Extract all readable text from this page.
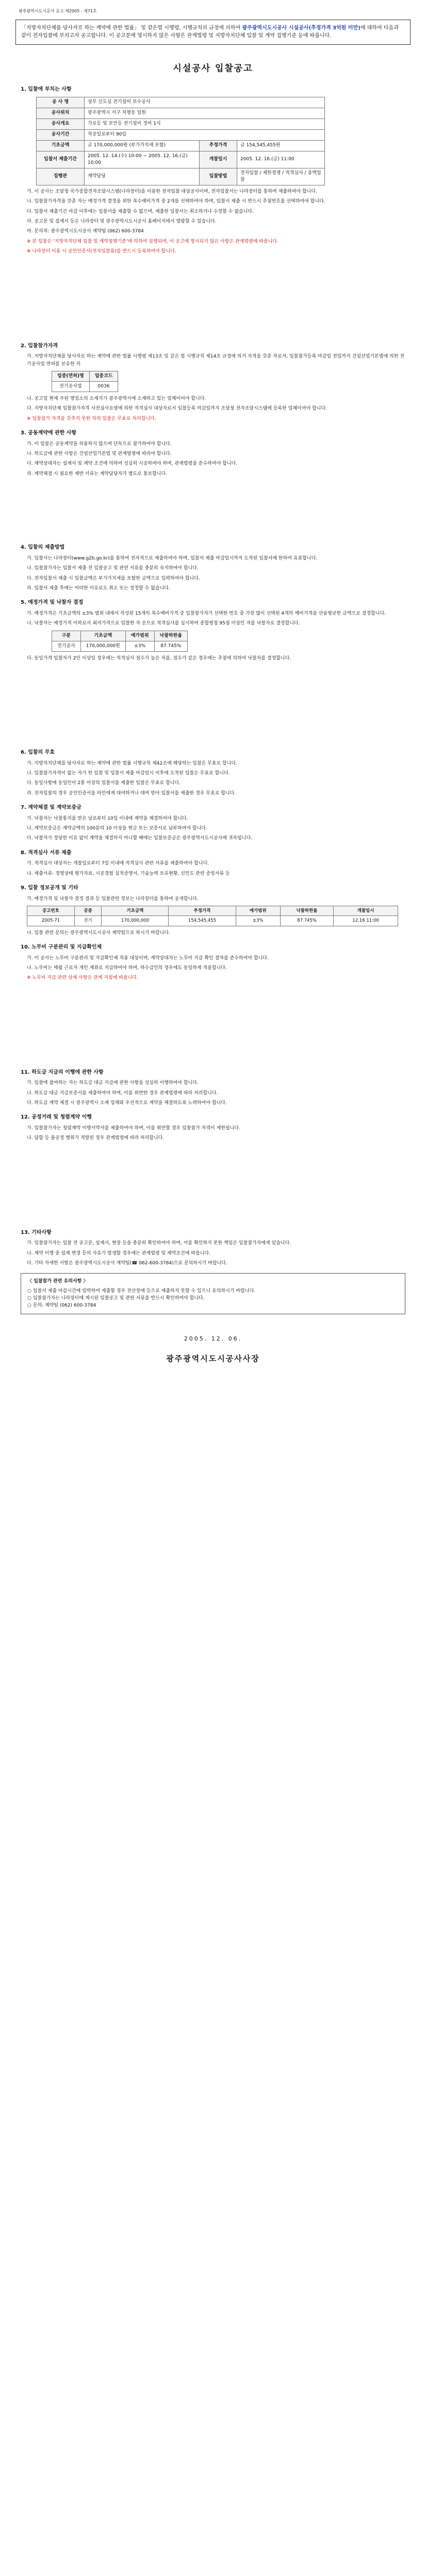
광주광역시도시공사 공고 제2005 - 제71호
「지방자치단체를 당사자로 하는 계약에 관한 법률」 및 같은법 시행령, 시행규칙의 규정에 의하여 광주광역시도시공사 시설공사(추정가격 3억원 미만)에 대하여 다음과 같이 전자입찰에 부치고자 공고합니다. 이 공고문에 명시하지 않은 사항은 관계법령 및 지방자치단체 입찰 및 계약 집행기준 등에 따릅니다.
시설공사 입찰공고
1. 입찰에 부치는 사항
공 사 명	상무 신도심 전기설비 보수공사		
공사위치	광주광역시 서구 치평동 일원		
공사개요	가로등 및 보안등 전기설비 정비 1식		
공사기간	착공일로부터 90일		
기초금액	금 170,000,000원 (부가가치세 포함)	추정가격	금 154,545,455원
입찰서 제출기간	2005. 12. 14.(수) 10:00 ~ 2005. 12. 16.(금) 10:00	개찰일시	2005. 12. 16.(금) 11:00
집행관	계약담당	입찰방법	전자입찰 / 제한경쟁 / 적격심사 / 총액입찰
가. 이 공사는 조달청 국가종합전자조달시스템(나라장터)을 이용한 전자입찰 대상공사이며, 전자입찰서는 나라장터를 통하여 제출하여야 합니다.
나. 입찰참가자격을 갖춘 자는 예정가격 결정을 위한 복수예비가격 중 2개를 선택하여야 하며, 입찰서 제출 시 반드시 추첨번호를 선택하여야 합니다.
다. 입찰서 제출기간 마감 이후에는 입찰서를 제출할 수 없으며, 제출한 입찰서는 취소하거나 수정할 수 없습니다.
라. 공고문 및 설계서 등은 나라장터 및 광주광역시도시공사 홈페이지에서 열람할 수 있습니다.
마. 문의처: 광주광역시도시공사 계약팀 (062) 600-3784
※ 본 입찰은 ‘지방자치단체 입찰 및 계약집행기준’에 의하여 집행되며, 이 공고에 명시되지 않은 사항은 관계법령에 따릅니다.
※ 나라장터 이용 시 공인인증서(전자입찰용)를 반드시 등록하여야 합니다.
2. 입찰참가자격
가. 지방자치단체를 당사자로 하는 계약에 관한 법률 시행령 제13조 및 같은 법 시행규칙 제14조 규정에 의거 자격을 갖춘 자로서, 입찰참가등록 마감일 전일까지 건설산업기본법에 의한 전기공사업 면허를 보유한 자
업종(면허)명	업종코드
전기공사업	0036
나. 공고일 현재 주된 영업소의 소재지가 광주광역시에 소재하고 있는 업체이어야 합니다.
다. 지방자치단체 입찰참가자격 사전심사요령에 의한 적격심사 대상자로서 입찰등록 마감일까지 조달청 전자조달시스템에 등록한 업체이어야 합니다.
※ 입찰참가 자격을 갖추지 못한 자의 입찰은 무효로 처리합니다.
3. 공동계약에 관한 사항
가. 이 입찰은 공동계약을 허용하지 않으며 단독으로 참가하여야 합니다.
나. 하도급에 관한 사항은 건설산업기본법 및 관계법령에 따라야 합니다.
다. 계약상대자는 설계서 및 계약 조건에 의하여 성실히 시공하여야 하며, 관계법령을 준수하여야 합니다.
라. 계약체결 시 필요한 제반 서류는 계약담당자가 별도로 통보합니다.
4. 입찰의 제출방법
가. 입찰서는 나라장터(www.g2b.go.kr)를 통하여 전자적으로 제출하여야 하며, 입찰서 제출 마감일시까지 도착된 입찰서에 한하여 유효합니다.
나. 입찰참가자는 입찰서 제출 전 입찰공고 및 관련 서류를 충분히 숙지하여야 합니다.
다. 전자입찰서 제출 시 입찰금액은 부가가치세를 포함한 금액으로 입력하여야 합니다.
라. 입찰서 제출 후에는 어떠한 이유로도 취소 또는 정정할 수 없습니다.
5. 예정가격 및 낙찰자 결정
가. 예정가격은 기초금액의 ±3% 범위 내에서 작성된 15개의 복수예비가격 중 입찰참가자가 선택한 번호 중 가장 많이 선택된 4개의 예비가격을 산술평균한 금액으로 결정합니다.
나. 낙찰자는 예정가격 이하로서 최저가격으로 입찰한 자 순으로 적격심사를 실시하여 종합평점 95점 이상인 자를 낙찰자로 결정합니다.
구분	기초금액	예가범위	낙찰하한율
전기공사	170,000,000원	±3%	87.745%
다. 동일가격 입찰자가 2인 이상일 경우에는 적격심사 점수가 높은 자를, 점수가 같은 경우에는 추첨에 의하여 낙찰자를 결정합니다.
6. 입찰의 무효
가. 지방자치단체를 당사자로 하는 계약에 관한 법률 시행규칙 제42조에 해당하는 입찰은 무효로 합니다.
나. 입찰참가자격이 없는 자가 한 입찰 및 입찰서 제출 마감일시 이후에 도착된 입찰은 무효로 합니다.
다. 동일사항에 동일인이 2통 이상의 입찰서를 제출한 입찰은 무효로 합니다.
라. 전자입찰의 경우 공인인증서를 타인에게 대여하거나 대여 받아 입찰서를 제출한 경우 무효로 합니다.
7. 계약체결 및 계약보증금
가. 낙찰자는 낙찰통지를 받은 날로부터 10일 이내에 계약을 체결하여야 합니다.
나. 계약보증금은 계약금액의 100분의 10 이상을 현금 또는 보증서로 납부하여야 합니다.
다. 낙찰자가 정당한 이유 없이 계약을 체결하지 아니할 때에는 입찰보증금은 광주광역시도시공사에 귀속됩니다.
8. 적격심사 서류 제출
가. 적격심사 대상자는 개찰일로부터 7일 이내에 적격심사 관련 서류를 제출하여야 합니다.
나. 제출서류: 경영상태 평가자료, 시공경험 실적증명서, 기술능력 보유현황, 신인도 관련 증빙서류 등
9. 입찰 정보공개 및 기타
가. 예정가격 및 낙찰자 결정 결과 등 입찰관련 정보는 나라장터를 통하여 공개합니다.
공고번호	공종	기초금액	추정가격	예가범위	낙찰하한율	개찰일시
2005-71	전기	170,000,000	154,545,455	±3%	87.745%	12.16 11:00
나. 입찰 관련 문의는 광주광역시도시공사 계약팀으로 하시기 바랍니다.
10. 노무비 구분관리 및 지급확인제
가. 이 공사는 노무비 구분관리 및 지급확인제 적용 대상이며, 계약상대자는 노무비 지급 확인 절차를 준수하여야 합니다.
나. 노무비는 매월 근로자 개인 계좌로 지급하여야 하며, 하수급인의 경우에도 동일하게 적용합니다.
※ 노무비 지급 관련 상세 사항은 관계 지침에 따릅니다.
11. 하도급 지급의 이행에 관한 사항
가. 입찰에 참여하는 자는 하도급 대금 지급에 관한 사항을 성실히 이행하여야 합니다.
나. 하도급 대금 지급보증서를 제출하여야 하며, 이를 위반한 경우 관계법령에 따라 처리합니다.
다. 하도급 계약 체결 시 광주광역시 소재 업체와 우선적으로 계약을 체결하도록 노력하여야 합니다.
12. 공정거래 및 청렴계약 이행
가. 입찰참가자는 청렴계약 이행서약서를 제출하여야 하며, 이를 위반할 경우 입찰참가 자격이 제한됩니다.
나. 담합 등 불공정 행위가 적발된 경우 관계법령에 따라 처리합니다.
13. 기타사항
가. 입찰참가자는 입찰 전 공고문, 설계서, 현장 등을 충분히 확인하여야 하며, 이를 확인하지 못한 책임은 입찰참가자에게 있습니다.
나. 계약 이행 중 설계 변경 등의 사유가 발생할 경우에는 관계법령 및 계약조건에 따릅니다.
다. 기타 자세한 사항은 광주광역시도시공사 계약팀(☎ 062-600-3784)으로 문의하시기 바랍니다.
〈 입찰참가 관련 유의사항 〉
○ 입찰서 제출 마감시간에 임박하여 제출할 경우 전산장애 등으로 제출하지 못할 수 있으니 유의하시기 바랍니다.
○ 입찰참가자는 나라장터에 게시된 입찰공고 및 관련 서류를 반드시 확인하여야 합니다.
○ 문의: 계약팀 (062) 600-3784
2005. 12. 06.
광주광역시도시공사사장
